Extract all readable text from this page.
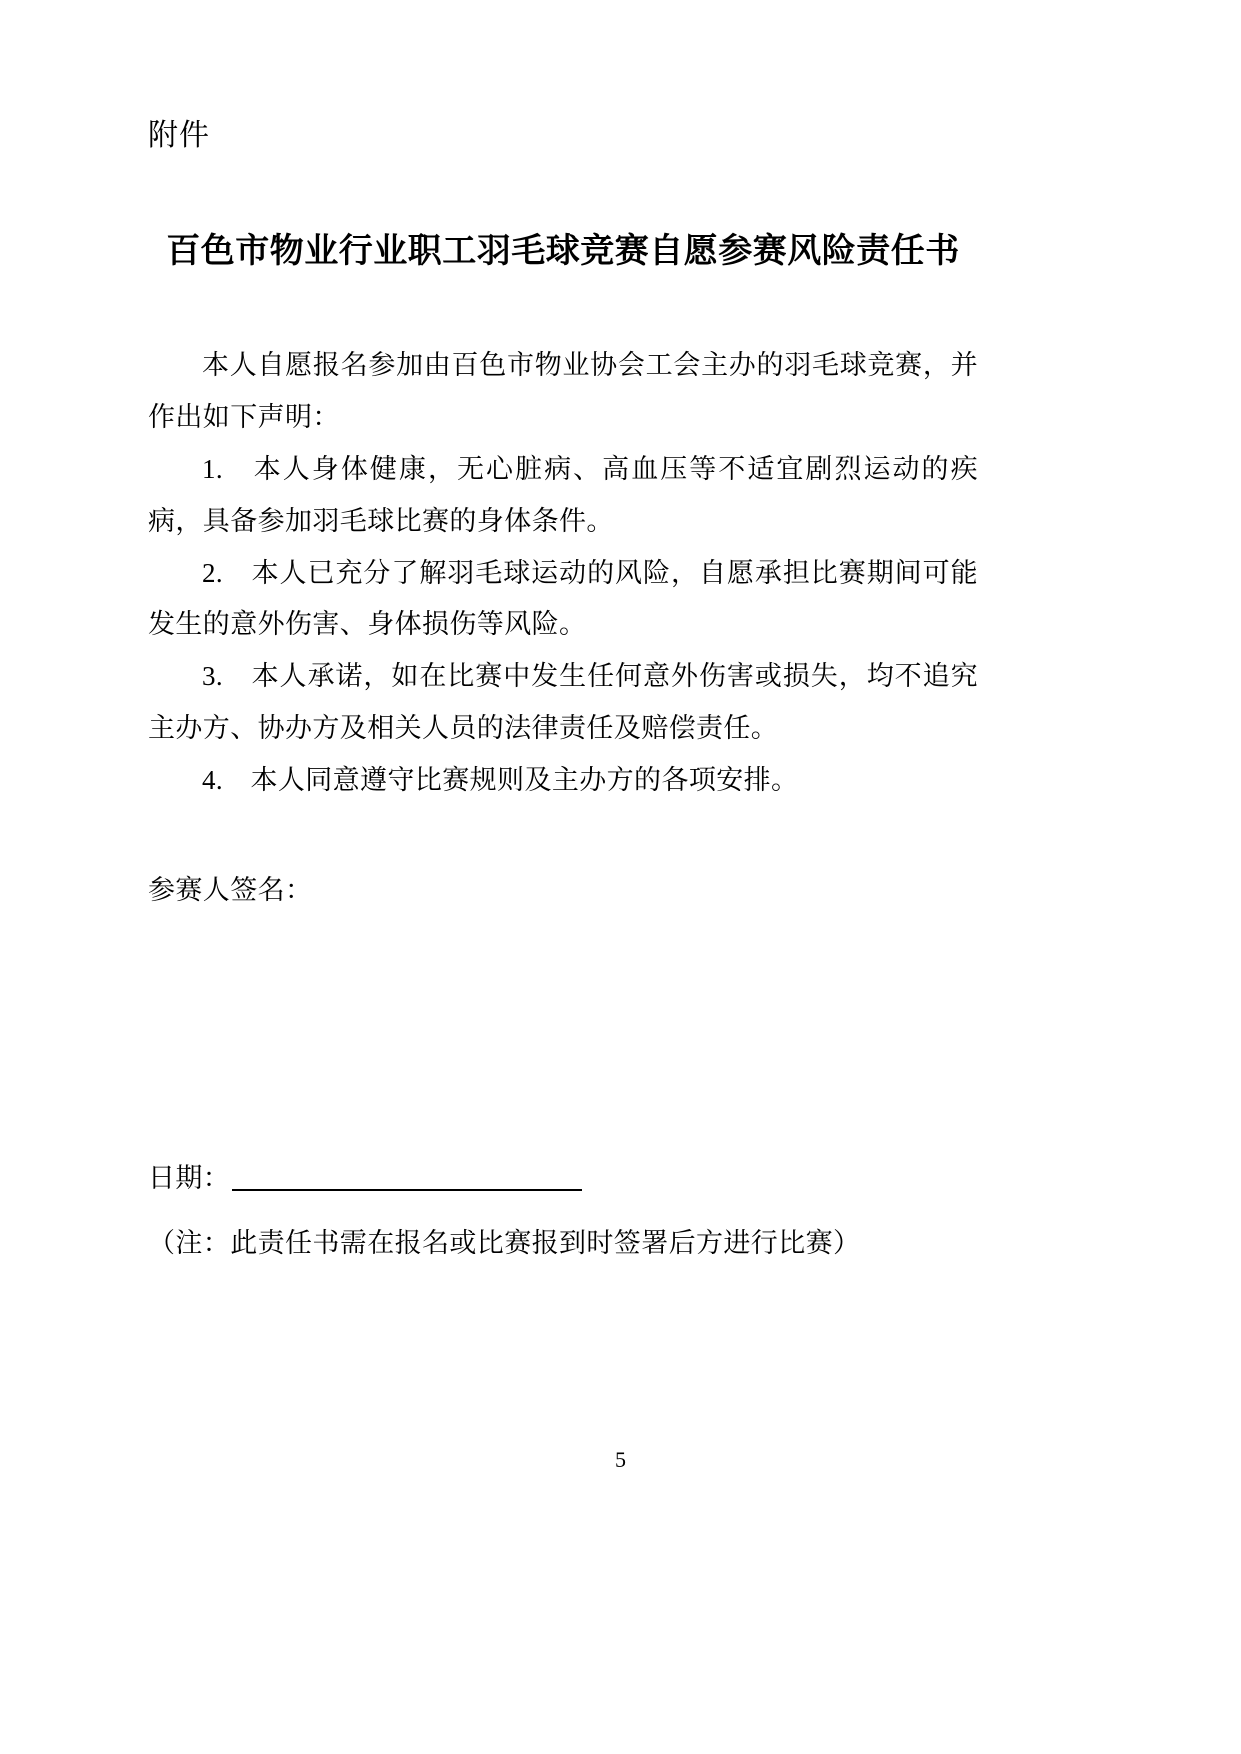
附件
百色市物业行业职工羽毛球竞赛自愿参赛风险责任书

本人自愿报名参加由百色市物业协会工会主办的羽毛球竞赛，并作出如下声明：

1.　本人身体健康，无心脏病、高血压等不适宜剧烈运动的疾病，具备参加羽毛球比赛的身体条件。

2.　本人已充分了解羽毛球运动的风险，自愿承担比赛期间可能发生的意外伤害、身体损伤等风险。

3.　本人承诺，如在比赛中发生任何意外伤害或损失，均不追究主办方、协办方及相关人员的法律责任及赔偿责任。

4.　本人同意遵守比赛规则及主办方的各项安排。

参赛人签名：
日期：
（注：此责任书需在报名或比赛报到时签署后方进行比赛）
5
